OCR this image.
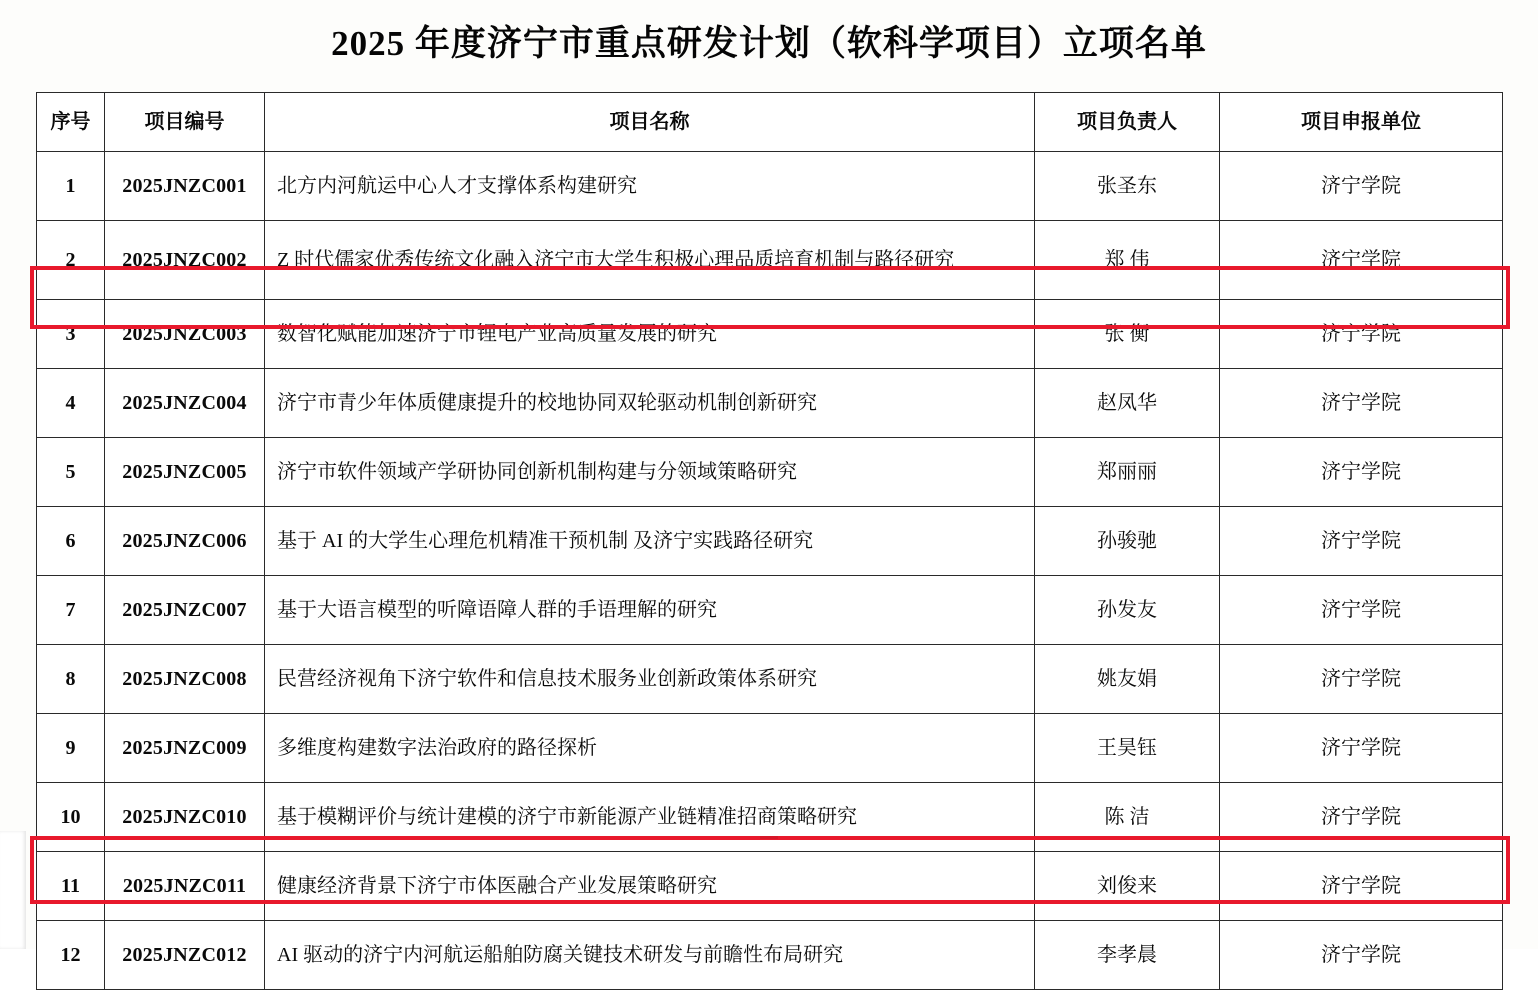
2025 年度济宁市重点研发计划（软科学项目）立项名单
序号	项目编号	项目名称	项目负责人	项目申报单位
1	2025JNZC001	北方内河航运中心人才支撑体系构建研究	张圣东	济宁学院
2	2025JNZC002	Z 时代儒家优秀传统文化融入济宁市大学生积极心理品质培育机制与路径研究	郑 伟	济宁学院
3	2025JNZC003	数智化赋能加速济宁市锂电产业高质量发展的研究	张 衡	济宁学院
4	2025JNZC004	济宁市青少年体质健康提升的校地协同双轮驱动机制创新研究	赵凤华	济宁学院
5	2025JNZC005	济宁市软件领域产学研协同创新机制构建与分领域策略研究	郑丽丽	济宁学院
6	2025JNZC006	基于 AI 的大学生心理危机精准干预机制 及济宁实践路径研究	孙骏驰	济宁学院
7	2025JNZC007	基于大语言模型的听障语障人群的手语理解的研究	孙发友	济宁学院
8	2025JNZC008	民营经济视角下济宁软件和信息技术服务业创新政策体系研究	姚友娟	济宁学院
9	2025JNZC009	多维度构建数字法治政府的路径探析	王昊钰	济宁学院
10	2025JNZC010	基于模糊评价与统计建模的济宁市新能源产业链精准招商策略研究	陈 洁	济宁学院
11	2025JNZC011	健康经济背景下济宁市体医融合产业发展策略研究	刘俊来	济宁学院
12	2025JNZC012	AI 驱动的济宁内河航运船舶防腐关键技术研发与前瞻性布局研究	李孝晨	济宁学院
